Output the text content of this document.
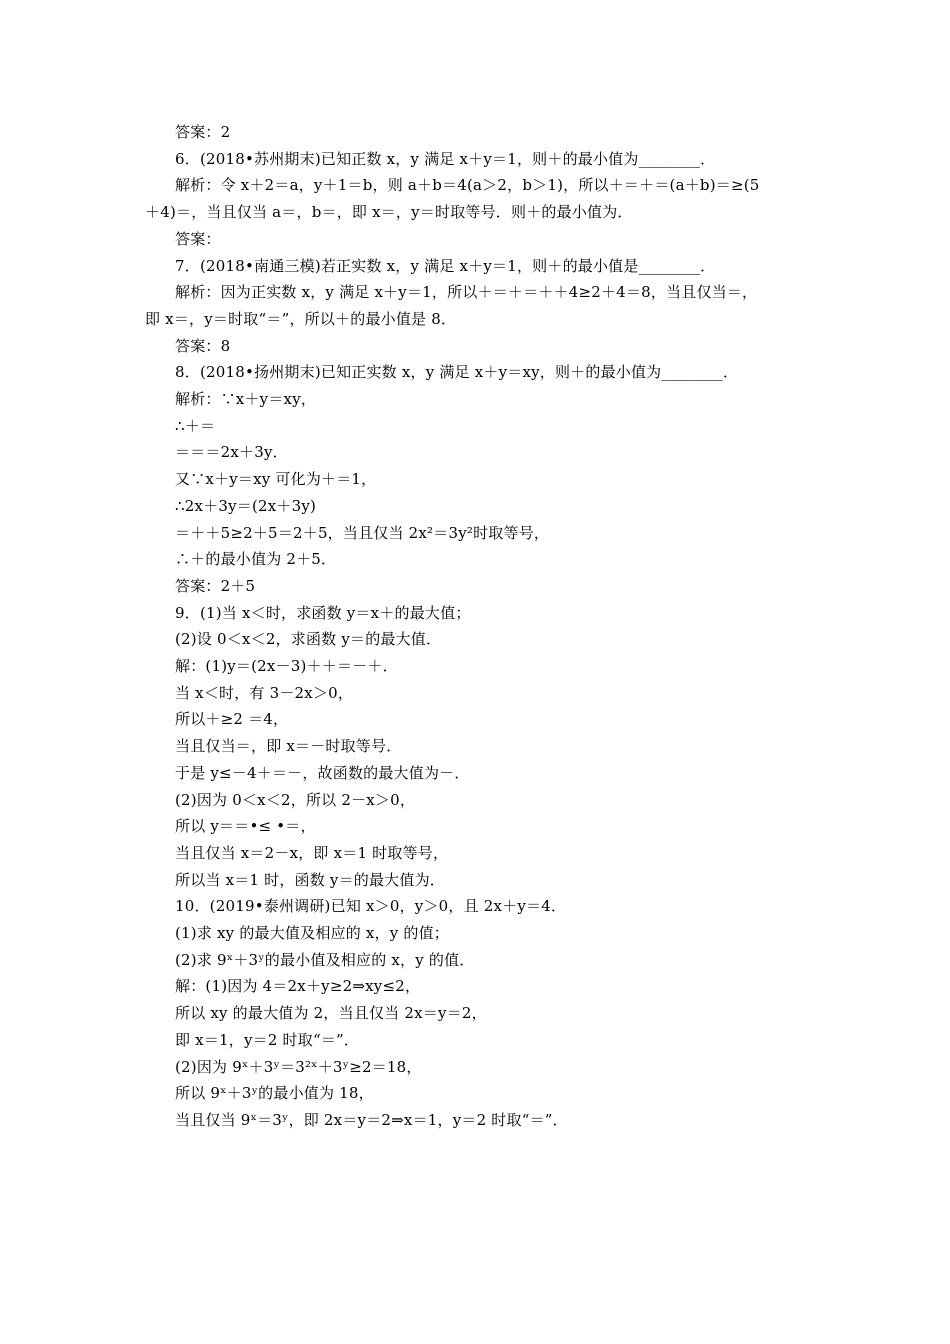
答案：2
6．(2018•苏州期末)已知正数 x，y 满足 x＋y＝1，则＋的最小值为________．
解析：令 x＋2＝a，y＋1＝b，则 a＋b＝4(a＞2，b＞1)，所以＋＝＋＝(a＋b)＝≥(5
＋4)＝，当且仅当 a＝，b＝，即 x＝，y＝时取等号．则＋的最小值为．
答案：
7．(2018•南通三模)若正实数 x，y 满足 x＋y＝1，则＋的最小值是________．
解析：因为正实数 x，y 满足 x＋y＝1，所以＋＝＋＝＋＋4≥2＋4＝8，当且仅当＝，
即 x＝，y＝时取“＝”，所以＋的最小值是 8．
答案：8
8．(2018•扬州期末)已知正实数 x，y 满足 x＋y＝xy，则＋的最小值为________．
解析：∵x＋y＝xy，
∴＋＝
＝＝＝2x＋3y．
又∵x＋y＝xy 可化为＋＝1，
∴2x＋3y＝(2x＋3y)
＝＋＋5≥2＋5＝2＋5，当且仅当 2x²＝3y²时取等号，
∴＋的最小值为 2＋5．
答案：2＋5
9．(1)当 x＜时，求函数 y＝x＋的最大值；
(2)设 0＜x＜2，求函数 y＝的最大值．
解：(1)y＝(2x－3)＋＋＝－＋．
当 x＜时，有 3－2x＞0，
所以＋≥2 ＝4，
当且仅当＝，即 x＝－时取等号．
于是 y≤－4＋＝－，故函数的最大值为－．
(2)因为 0＜x＜2，所以 2－x＞0，
所以 y＝＝•≤ •＝，
当且仅当 x＝2－x，即 x＝1 时取等号，
所以当 x＝1 时，函数 y＝的最大值为．
10．(2019•泰州调研)已知 x＞0，y＞0，且 2x＋y＝4．
(1)求 xy 的最大值及相应的 x，y 的值；
(2)求 9ˣ＋3ʸ的最小值及相应的 x，y 的值．
解：(1)因为 4＝2x＋y≥2⇒xy≤2，
所以 xy 的最大值为 2，当且仅当 2x＝y＝2，
即 x＝1，y＝2 时取“＝”．
(2)因为 9ˣ＋3ʸ＝3²ˣ＋3ʸ≥2＝18，
所以 9ˣ＋3ʸ的最小值为 18，
当且仅当 9ˣ＝3ʸ，即 2x＝y＝2⇒x＝1，y＝2 时取“＝”．
